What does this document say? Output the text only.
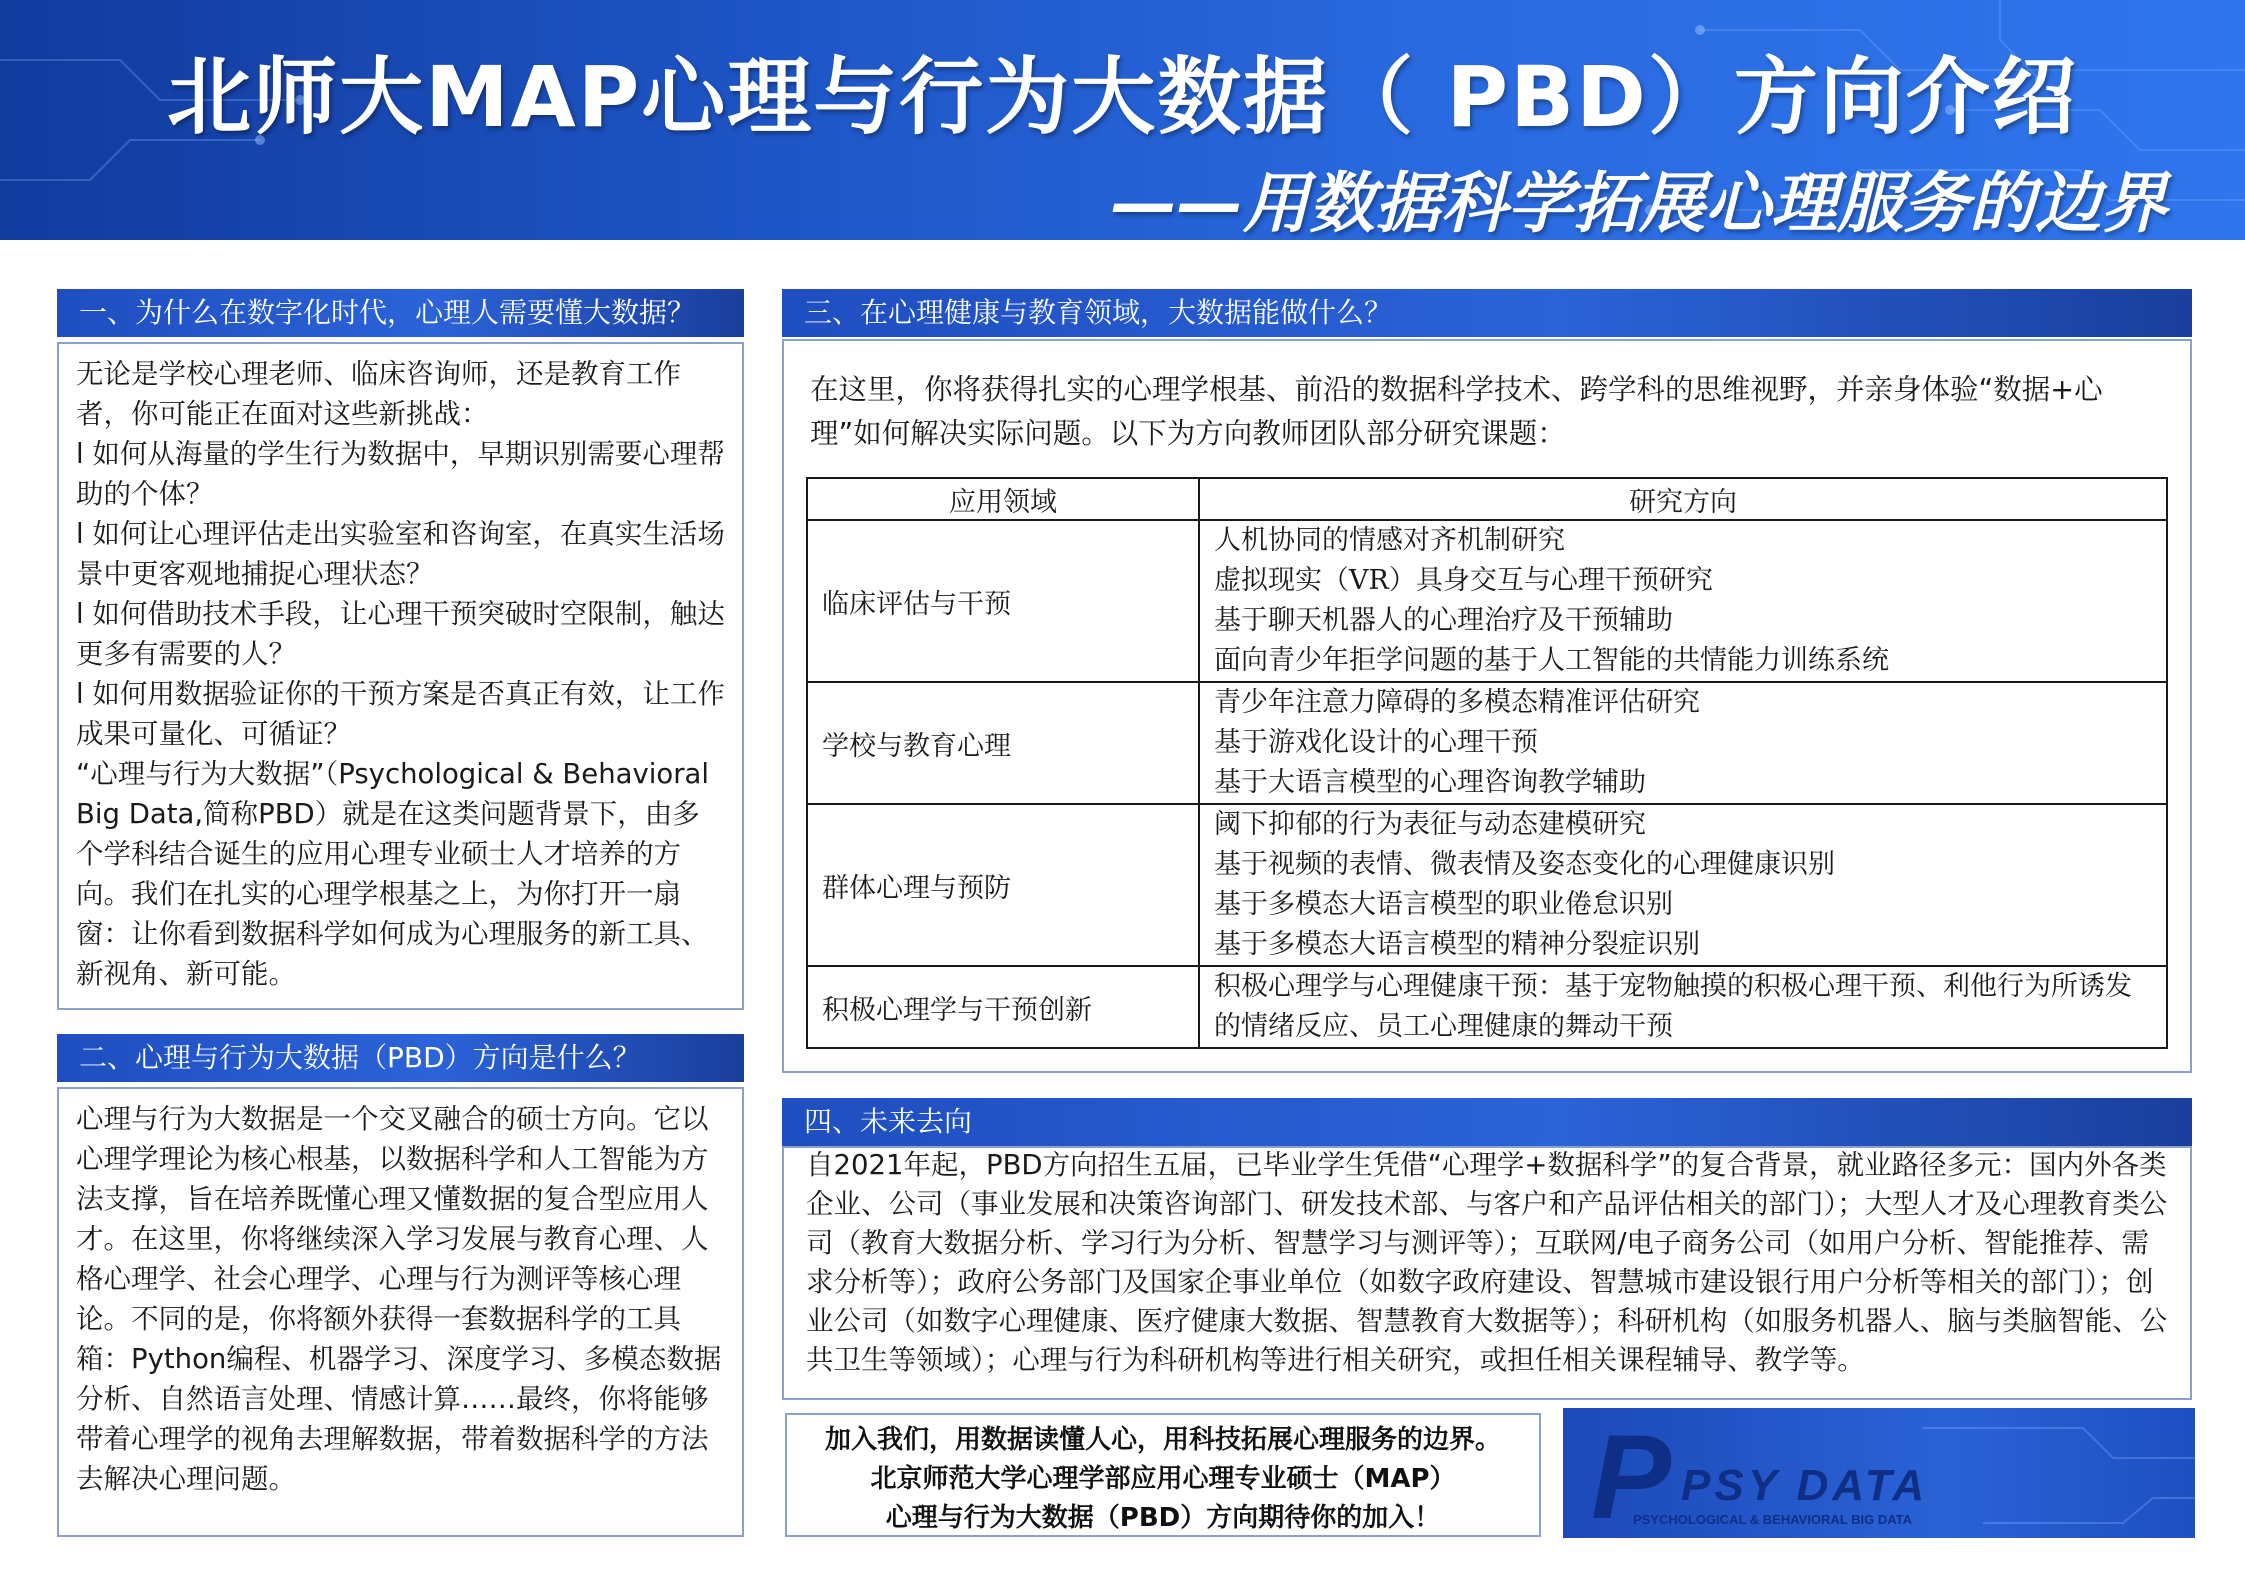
北师大MAP心理与行为大数据（ PBD）方向介绍
——用数据科学拓展心理服务的边界
一、为什么在数字化时代，心理人需要懂大数据？

无论是学校心理老师、临床咨询师，还是教育工作者，你可能正在面对这些新挑战：

l 如何从海量的学生行为数据中，早期识别需要心理帮助的个体？

l 如何让心理评估走出实验室和咨询室，在真实生活场景中更客观地捕捉心理状态？

l 如何借助技术手段，让心理干预突破时空限制，触达更多有需要的人？

l 如何用数据验证你的干预方案是否真正有效，让工作成果可量化、可循证？

“心理与行为大数据”（Psychological & Behavioral Big Data,简称PBD）就是在这类问题背景下，由多个学科结合诞生的应用心理专业硕士人才培养的方向。我们在扎实的心理学根基之上，为你打开一扇窗：让你看到数据科学如何成为心理服务的新工具、新视角、新可能。

二、心理与行为大数据（PBD）方向是什么？
心理与行为大数据是一个交叉融合的硕士方向。它以心理学理论为核心根基，以数据科学和人工智能为方法支撑，旨在培养既懂心理又懂数据的复合型应用人才。在这里，你将继续深入学习发展与教育心理、人格心理学、社会心理学、心理与行为测评等核心理论。不同的是，你将额外获得一套数据科学的工具箱：Python编程、机器学习、深度学习、多模态数据分析、自然语言处理、情感计算……最终，你将能够带着心理学的视角去理解数据，带着数据科学的方法去解决心理问题。
三、在心理健康与教育领域，大数据能做什么？
在这里，你将获得扎实的心理学根基、前沿的数据科学技术、跨学科的思维视野，并亲身体验“数据+心理”如何解决实际问题。以下为方向教师团队部分研究课题：
应用领域	研究方向
临床评估与干预	人机协同的情感对齐机制研究
虚拟现实（VR）具身交互与心理干预研究
基于聊天机器人的心理治疗及干预辅助
面向青少年拒学问题的基于人工智能的共情能力训练系统

学校与教育心理	青少年注意力障碍的多模态精准评估研究
基于游戏化设计的心理干预
基于大语言模型的心理咨询教学辅助

群体心理与预防	阈下抑郁的行为表征与动态建模研究
基于视频的表情、微表情及姿态变化的心理健康识别
基于多模态大语言模型的职业倦怠识别
基于多模态大语言模型的精神分裂症识别

积极心理学与干预创新	积极心理学与心理健康干预：基于宠物触摸的积极心理干预、利他行为所诱发的情绪反应、员工心理健康的舞动干预
四、未来去向
自2021年起，PBD方向招生五届，已毕业学生凭借“心理学+数据科学”的复合背景，就业路径多元：国内外各类企业、公司（事业发展和决策咨询部门、研发技术部、与客户和产品评估相关的部门）；大型人才及心理教育类公司（教育大数据分析、学习行为分析、智慧学习与测评等）；互联网/电子商务公司（如用户分析、智能推荐、需求分析等）；政府公务部门及国家企事业单位（如数字政府建设、智慧城市建设银行用户分析等相关的部门）；创业公司（如数字心理健康、医疗健康大数据、智慧教育大数据等）；科研机构（如服务机器人、脑与类脑智能、公共卫生等领域）；心理与行为科研机构等进行相关研究，或担任相关课程辅导、教学等。

加入我们，用数据读懂人心，用科技拓展心理服务的边界。

北京师范大学心理学部应用心理专业硕士（MAP）

心理与行为大数据（PBD）方向期待你的加入！	P PSY DATA
PSYCHOLOGICAL & BEHAVIORAL BIG DATA
